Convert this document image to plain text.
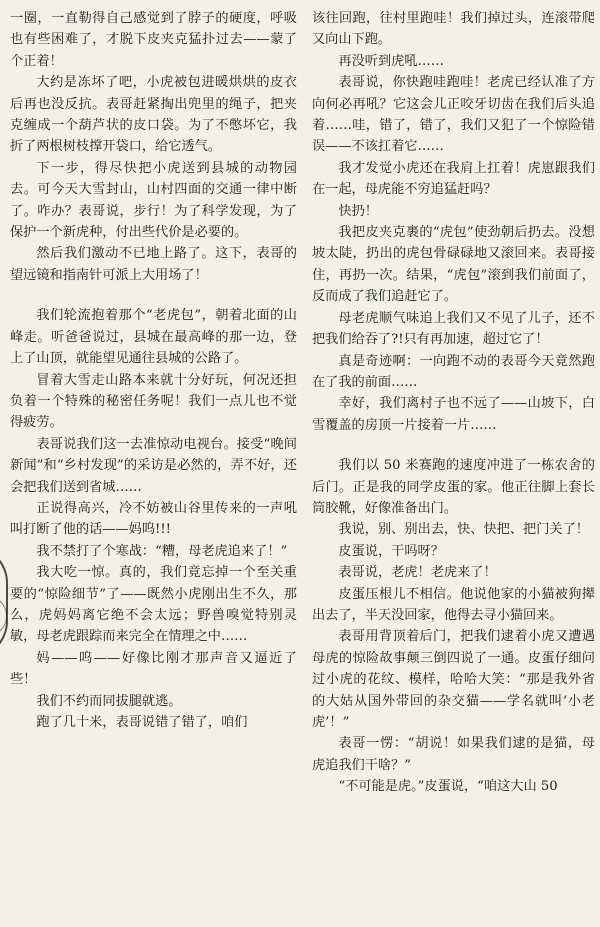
一圈，一直勒得自己感觉到了脖子的硬度，呼吸也有些困难了，才脱下皮夹克猛扑过去——蒙了个正着！

大约是冻坏了吧，小虎被包进暖烘烘的皮衣后再也没反抗。表哥赶紧掏出兜里的绳子，把夹克缠成一个葫芦状的皮口袋。为了不憋坏它，我折了两根树枝撑开袋口，给它透气。

下一步，得尽快把小虎送到县城的动物园去。可今天大雪封山，山村四面的交通一律中断了。咋办？表哥说，步行！为了科学发现，为了保护一个新虎种，付出些代价是必要的。

然后我们激动不已地上路了。这下，表哥的望远镜和指南针可派上大用场了！

我们轮流抱着那个“老虎包”，朝着北面的山峰走。听爸爸说过，县城在最高峰的那一边，登上了山顶，就能望见通往县城的公路了。

冒着大雪走山路本来就十分好玩，何况还担负着一个特殊的秘密任务呢！我们一点儿也不觉得疲劳。

表哥说我们这一去准惊动电视台。接受“晚间新闻”和“乡村发现”的采访是必然的，弄不好，还会把我们送到省城……

正说得高兴，冷不妨被山谷里传来的一声吼叫打断了他的话——妈呜!!!

我不禁打了个寒战：“糟，母老虎追来了！”

我大吃一惊。真的，我们竟忘掉一个至关重要的“惊险细节”了——既然小虎刚出生不久，那么，虎妈妈离它绝不会太远；野兽嗅觉特别灵敏，母老虎跟踪而来完全在情理之中……

妈——呜——好像比刚才那声音又逼近了些！

我们不约而同拔腿就逃。

跑了几十米，表哥说错了错了，咱们

该往回跑，往村里跑哇！我们掉过头，连滚带爬又向山下跑。

再没听到虎吼……

表哥说，你快跑哇跑哇！老虎已经认准了方向何必再吼？它这会儿正咬牙切齿在我们后头追着……哇，错了，错了，我们又犯了一个惊险错误——不该扛着它……

我才发觉小虎还在我肩上扛着！虎崽跟我们在一起，母虎能不穷追猛赶吗？

快扔！

我把皮夹克裹的“虎包”使劲朝后扔去。没想坡太陡，扔出的虎包骨碌碌地又滚回来。表哥接住，再扔一次。结果，“虎包”滚到我们前面了，反而成了我们追赶它了。

母老虎顺气味追上我们又不见了儿子，还不把我们给吞了?!只有再加速，超过它了！

真是奇迹啊：一向跑不动的表哥今天竟然跑在了我的前面……

幸好，我们离村子也不远了——山坡下，白雪覆盖的房顶一片接着一片……

我们以 50 米赛跑的速度冲进了一栋农舍的后门。正是我的同学皮蛋的家。他正往脚上套长筒胶靴，好像准备出门。

我说，别、别出去，快、快把、把门关了！

皮蛋说，干吗呀？

表哥说，老虎！老虎来了！

皮蛋压根儿不相信。他说他家的小猫被狗撵出去了，半天没回家，他得去寻小猫回来。

表哥用背顶着后门，把我们逮着小虎又遭遇母虎的惊险故事颠三倒四说了一通。皮蛋仔细问过小虎的花纹、模样，哈哈大笑：“那是我外省的大姑从国外带回的杂交猫——学名就叫‘小老虎’！”

表哥一愣：“胡说！如果我们逮的是猫，母虎追我们干啥？”

“不可能是虎。”皮蛋说，“咱这大山 50
